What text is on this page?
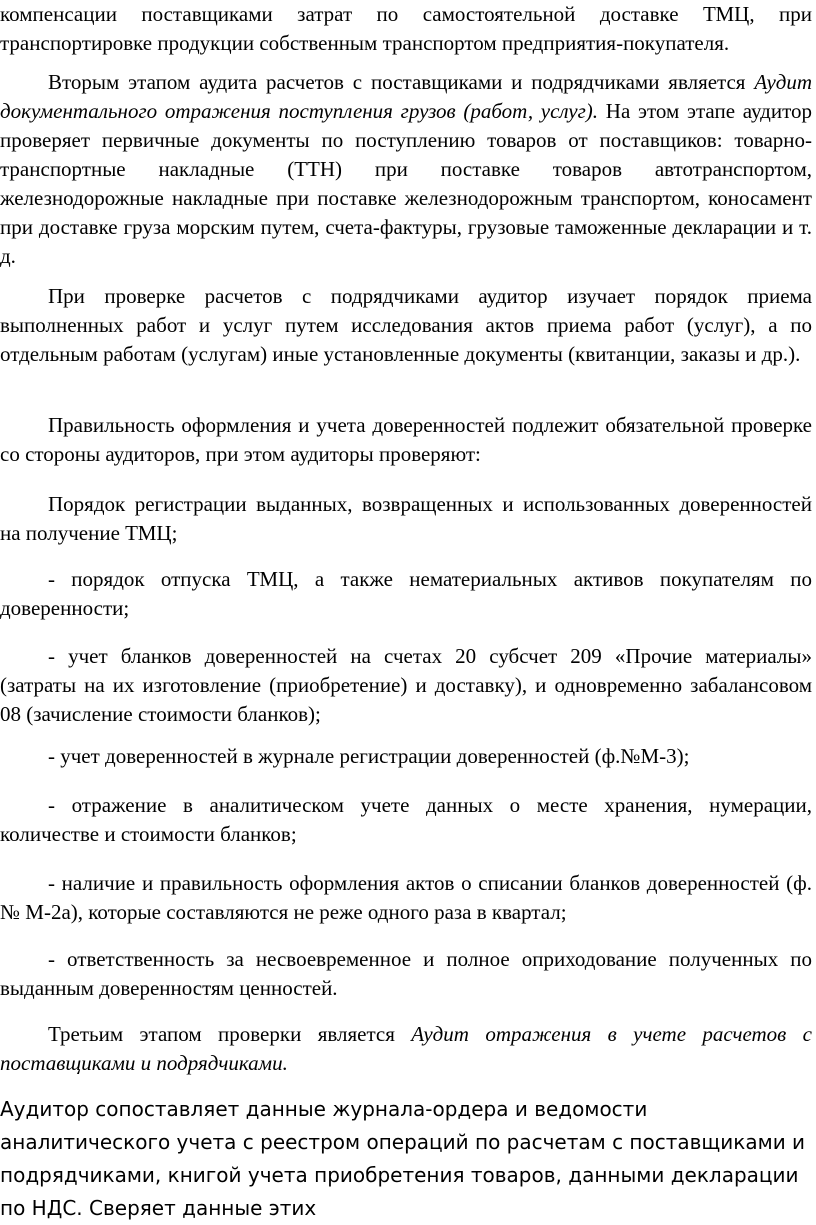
компенсации поставщиками затрат по самостоятельной доставке ТМЦ, при транспортировке продукции собственным транспортом предприятия-покупателя.

Вторым этапом аудита расчетов с поставщиками и подрядчиками является Аудит документального отражения поступления грузов (работ, услуг). На этом этапе аудитор проверяет первичные документы по поступлению товаров от поставщиков: товарно-транспортные накладные (ТТН) при поставке товаров автотранспортом, железнодорожные накладные при поставке железнодорожным транспортом, коносамент при доставке груза морским путем, счета-фактуры, грузовые таможенные декларации и т. д.

При проверке расчетов с подрядчиками аудитор изучает порядок приема выполненных работ и услуг путем исследования актов приема работ (услуг), а по отдельным работам (услугам) иные установленные документы (квитанции, заказы и др.).

Правильность оформления и учета доверенностей подлежит обязательной проверке со стороны аудиторов, при этом аудиторы проверяют:

Порядок регистрации выданных, возвращенных и использованных доверенностей на получение ТМЦ;

- порядок отпуска ТМЦ, а также нематериальных активов покупателям по доверенности;

- учет бланков доверенностей на счетах 20 субсчет 209 «Прочие материалы» (затраты на их изготовление (приобретение) и доставку), и одновременно забалансовом 08 (зачисление стоимости бланков);

- учет доверенностей в журнале регистрации доверенностей (ф.№М-3);

- отражение в аналитическом учете данных о месте хранения, нумерации, количестве и стоимости бланков;

- наличие и правильность оформления актов о списании бланков доверенностей (ф. № М-2а), которые составляются не реже одного раза в квартал;

- ответственность за несвоевременное и полное оприходование полученных по выданным доверенностям ценностей.

Третьим этапом проверки является Аудит отражения в учете расчетов с поставщиками и подрядчиками.

Аудитор сопоставляет данные журнала-ордера и ведомости аналитического учета с реестром операций по расчетам с поставщиками и подрядчиками, книгой учета приобретения товаров, данными декларации по НДС. Сверяет данные этих
